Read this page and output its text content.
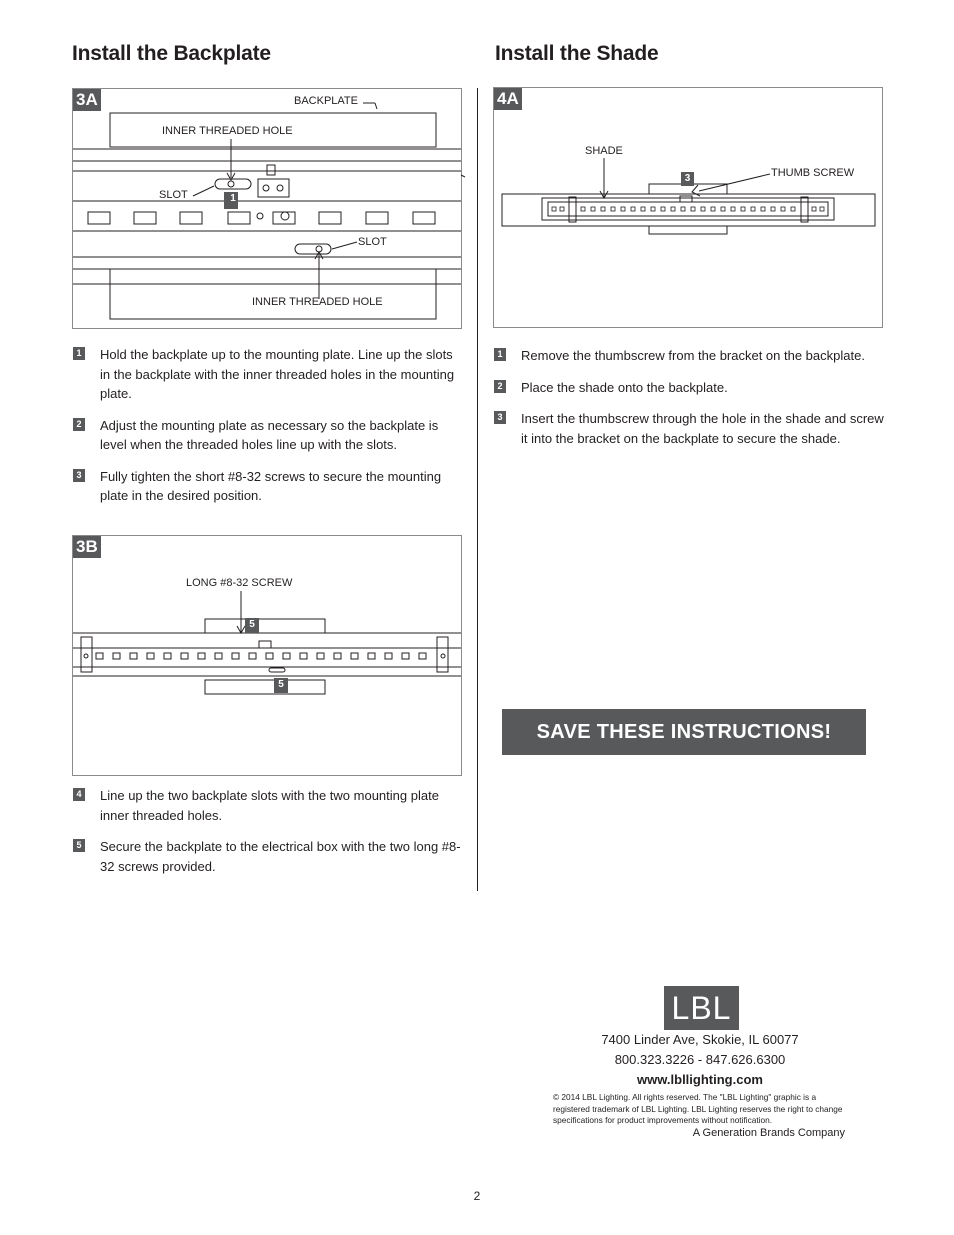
Install the Backplate
3A
1
BACKPLATE
INNER THREADED HOLE
SLOT
SLOT
INNER THREADED HOLE
1 Hold the backplate up to the mounting plate. Line up the slots in the backplate with the inner threaded holes in the mounting plate.
2 Adjust the mounting plate as necessary so the backplate is level when the threaded holes line up with the slots.
3 Fully tighten the short #8-32 screws to secure the mounting plate in the desired position.
3B
LONG #8-32 SCREW
5
5
4 Line up the two backplate slots with the two mounting plate inner threaded holes.
5 Secure the backplate to the electrical box with the two long #8-32 screws provided.
Install the Shade
4A
SHADE
THUMB SCREW
3
1 Remove the thumbscrew from the bracket on the backplate.
2 Place the shade onto the backplate.
3 Insert the thumbscrew through the hole in the shade and screw it into the bracket on the backplate to secure the shade.
SAVE THESE INSTRUCTIONS!
LBL
7400 Linder Ave, Skokie, IL 60077
800.323.3226 - 847.626.6300
www.lbllighting.com
© 2014 LBL Lighting. All rights reserved. The "LBL Lighting" graphic is a registered trademark of LBL Lighting. LBL Lighting reserves the right to change specifications for product improvements without notification.
A Generation Brands Company
2
